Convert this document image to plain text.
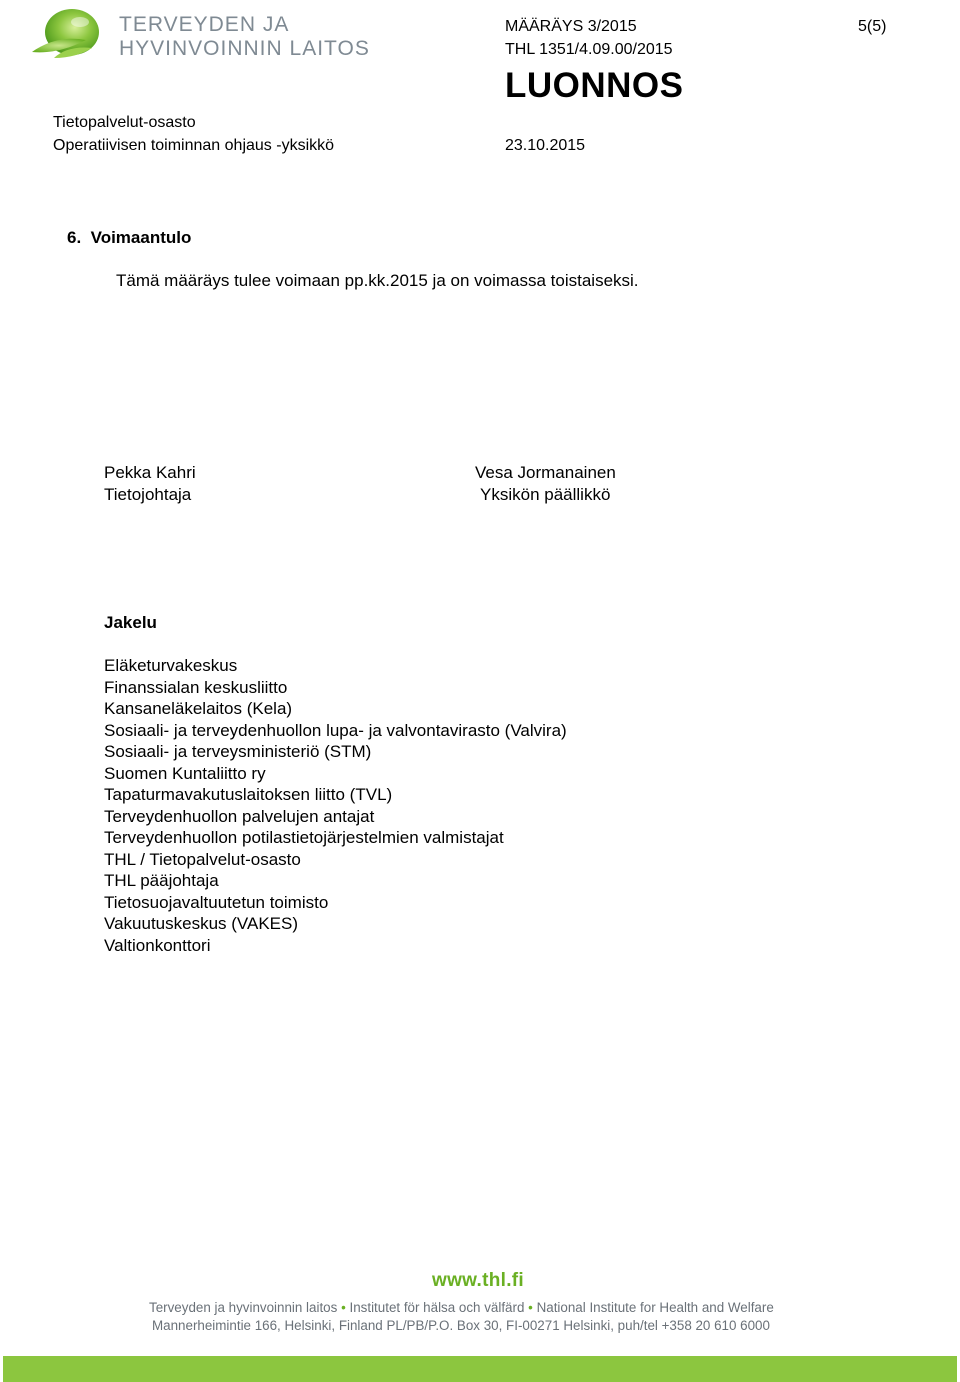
TERVEYDEN JA
HYVINVOINNIN LAITOS
MÄÄRÄYS 3/2015
THL 1351/4.09.00/2015
LUONNOS
5(5)
Tietopalvelut-osasto
Operatiivisen toiminnan ohjaus -yksikkö	23.10.2015
6.  Voimaantulo
Tämä määräys tulee voimaan pp.kk.2015 ja on voimassa toistaiseksi.
Pekka Kahri
Tietojohtaja
Vesa Jormanainen
Yksikön päällikkö
Jakelu
Eläketurvakeskus
Finanssialan keskusliitto
Kansaneläkelaitos (Kela)
Sosiaali- ja terveydenhuollon lupa- ja valvontavirasto (Valvira)
Sosiaali- ja terveysministeriö (STM)
Suomen Kuntaliitto ry
Tapaturmavakutuslaitoksen liitto (TVL)
Terveydenhuollon palvelujen antajat
Terveydenhuollon potilastietojärjestelmien valmistajat
THL / Tietopalvelut-osasto
THL pääjohtaja
Tietosuojavaltuutetun toimisto
Vakuutuskeskus (VAKES)
Valtionkonttori
www.thl.fi
Terveyden ja hyvinvoinnin laitos • Institutet för hälsa och välfärd • National Institute for Health and Welfare
Mannerheimintie 166, Helsinki, Finland PL/PB/P.O. Box 30, FI-00271 Helsinki, puh/tel +358 20 610 6000
